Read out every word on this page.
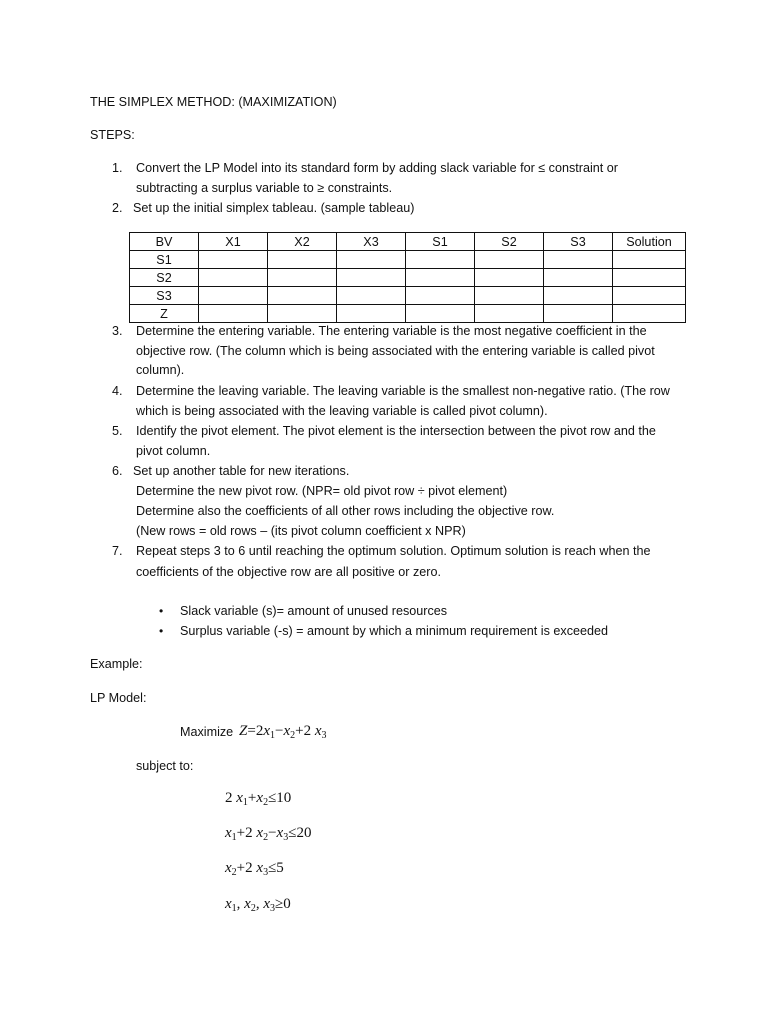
THE SIMPLEX METHOD: (MAXIMIZATION)
STEPS:
1. Convert the LP Model into its standard form by adding slack variable for ≤ constraint or
subtracting a surplus variable to ≥ constraints.
2. Set up the initial simplex tableau. (sample tableau)
BV	X1	X2	X3	S1	S2	S3	Solution
S1							
S2							
S3							
Z							
3. Determine the entering variable. The entering variable is the most negative coefficient in the
objective row. (The column which is being associated with the entering variable is called pivot
column).
4. Determine the leaving variable. The leaving variable is the smallest non-negative ratio. (The row
which is being associated with the leaving variable is called pivot column).
5. Identify the pivot element. The pivot element is the intersection between the pivot row and the
pivot column.
6. Set up another table for new iterations.
Determine the new pivot row. (NPR= old pivot row ÷ pivot element)
Determine also the coefficients of all other rows including the objective row.
(New rows = old rows – (its pivot column coefficient x NPR)
7. Repeat steps 3 to 6 until reaching the optimum solution. Optimum solution is reach when the
coefficients of the objective row are all positive or zero.
• Slack variable (s)= amount of unused resources
• Surplus variable (-s) = amount by which a minimum requirement is exceeded
Example:
LP Model:
Maximize $Z=2x_1-x_2+2$ $x_3$
subject to:
2 $x_1+x_2\le 10$
$x_1+2$ $x_2-x_3\le 20$
$x_2+2$ $x_3\le 5$
$x_1$, $x_2$, $x_3\ge 0$
